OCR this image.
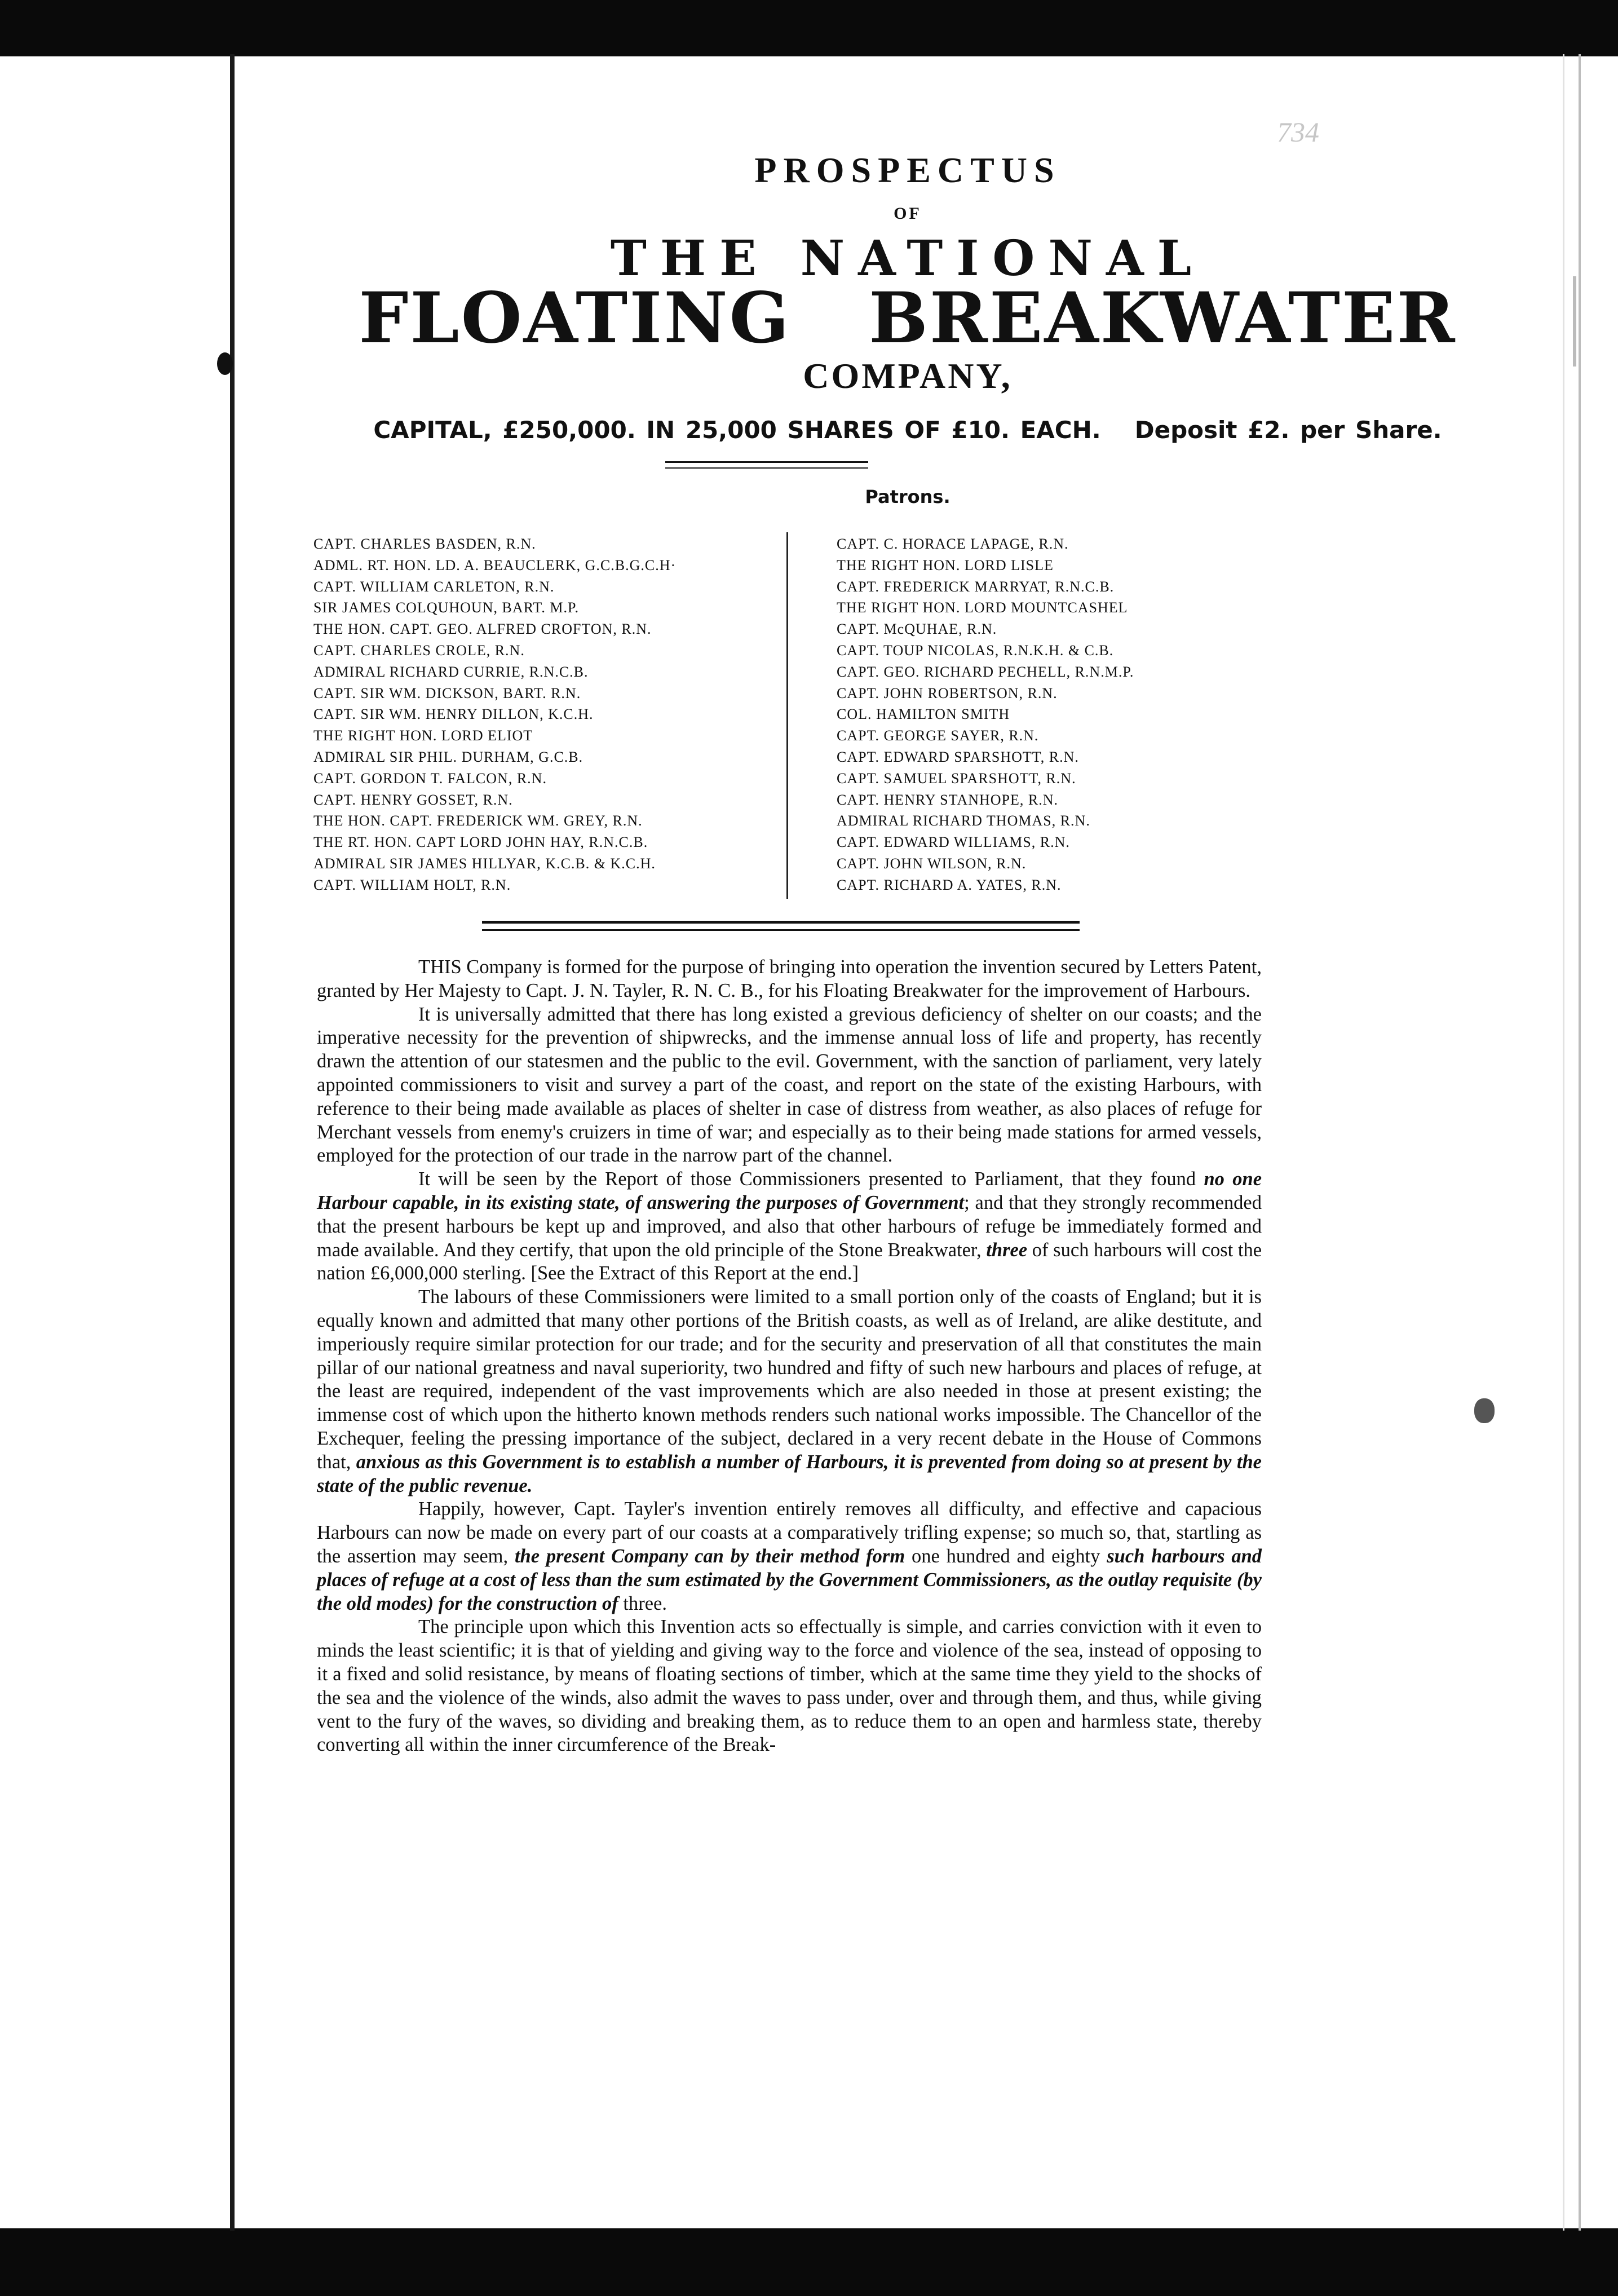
734
PROSPECTUS
OF
THE NATIONAL
FLOATING   BREAKWATER
COMPANY,
CAPITAL, £250,000. IN 25,000 SHARES OF £10. EACH. Deposit £2. per Share.
Patrons.
CAPT. CHARLES BASDEN, R.N.
ADML. RT. HON. LD. A. BEAUCLERK, G.C.B.G.C.H·
CAPT. WILLIAM CARLETON, R.N.
SIR JAMES COLQUHOUN, BART. M.P.
THE HON. CAPT. GEO. ALFRED CROFTON, R.N.
CAPT. CHARLES CROLE, R.N.
ADMIRAL RICHARD CURRIE, R.N.C.B.
CAPT. SIR WM. DICKSON, BART. R.N.
CAPT. SIR WM. HENRY DILLON, K.C.H.
THE RIGHT HON. LORD ELIOT
ADMIRAL SIR PHIL. DURHAM, G.C.B.
CAPT. GORDON T. FALCON, R.N.
CAPT. HENRY GOSSET, R.N.
THE HON. CAPT. FREDERICK WM. GREY, R.N.
THE RT. HON. CAPT LORD JOHN HAY, R.N.C.B.
ADMIRAL SIR JAMES HILLYAR, K.C.B. & K.C.H.
CAPT. WILLIAM HOLT, R.N.
CAPT. C. HORACE LAPAGE, R.N.
THE RIGHT HON. LORD LISLE
CAPT. FREDERICK MARRYAT, R.N.C.B.
THE RIGHT HON. LORD MOUNTCASHEL
CAPT. McQUHAE, R.N.
CAPT. TOUP NICOLAS, R.N.K.H. & C.B.
CAPT. GEO. RICHARD PECHELL, R.N.M.P.
CAPT. JOHN ROBERTSON, R.N.
COL. HAMILTON SMITH
CAPT. GEORGE SAYER, R.N.
CAPT. EDWARD SPARSHOTT, R.N.
CAPT. SAMUEL SPARSHOTT, R.N.
CAPT. HENRY STANHOPE, R.N.
ADMIRAL RICHARD THOMAS, R.N.
CAPT. EDWARD WILLIAMS, R.N.
CAPT. JOHN WILSON, R.N.
CAPT. RICHARD A. YATES, R.N.

THIS Company is formed for the purpose of bringing into operation the invention secured by Letters Patent, granted by Her Majesty to Capt. J. N. Tayler, R. N. C. B., for his Floating Breakwater for the improvement of Harbours.

It is universally admitted that there has long existed a grevious deficiency of shelter on our coasts; and the imperative necessity for the prevention of shipwrecks, and the immense annual loss of life and property, has recently drawn the attention of our statesmen and the public to the evil. Government, with the sanction of parliament, very lately appointed commissioners to visit and survey a part of the coast, and report on the state of the existing Harbours, with reference to their being made available as places of shelter in case of distress from weather, as also places of refuge for Merchant vessels from enemy's cruizers in time of war; and especially as to their being made stations for armed vessels, employed for the protection of our trade in the narrow part of the channel.

It will be seen by the Report of those Commissioners presented to Parliament, that they found no one Harbour capable, in its existing state, of answering the purposes of Government; and that they strongly recommended that the present harbours be kept up and improved, and also that other harbours of refuge be immediately formed and made available. And they certify, that upon the old principle of the Stone Breakwater, three of such harbours will cost the nation £6,000,000 sterling. [See the Extract of this Report at the end.]

The labours of these Commissioners were limited to a small portion only of the coasts of England; but it is equally known and admitted that many other portions of the British coasts, as well as of Ireland, are alike destitute, and imperiously require similar protection for our trade; and for the security and preservation of all that constitutes the main pillar of our national greatness and naval superiority, two hundred and fifty of such new harbours and places of refuge, at the least are required, independent of the vast improvements which are also needed in those at present existing; the immense cost of which upon the hitherto known methods renders such national works impossible. The Chancellor of the Exchequer, feeling the pressing importance of the subject, declared in a very recent debate in the House of Commons that, anxious as this Government is to establish a number of Harbours, it is prevented from doing so at present by the state of the public revenue.

Happily, however, Capt. Tayler's invention entirely removes all difficulty, and effective and capacious Harbours can now be made on every part of our coasts at a comparatively trifling expense; so much so, that, startling as the assertion may seem, the present Company can by their method form one hundred and eighty such harbours and places of refuge at a cost of less than the sum estimated by the Government Commissioners, as the outlay requisite (by the old modes) for the construction of three.

The principle upon which this Invention acts so effectually is simple, and carries conviction with it even to minds the least scientific; it is that of yielding and giving way to the force and violence of the sea, instead of opposing to it a fixed and solid resistance, by means of floating sections of timber, which at the same time they yield to the shocks of the sea and the violence of the winds, also admit the waves to pass under, over and through them, and thus, while giving vent to the fury of the waves, so dividing and breaking them, as to reduce them to an open and harmless state, thereby converting all within the inner circumference of the Break-
